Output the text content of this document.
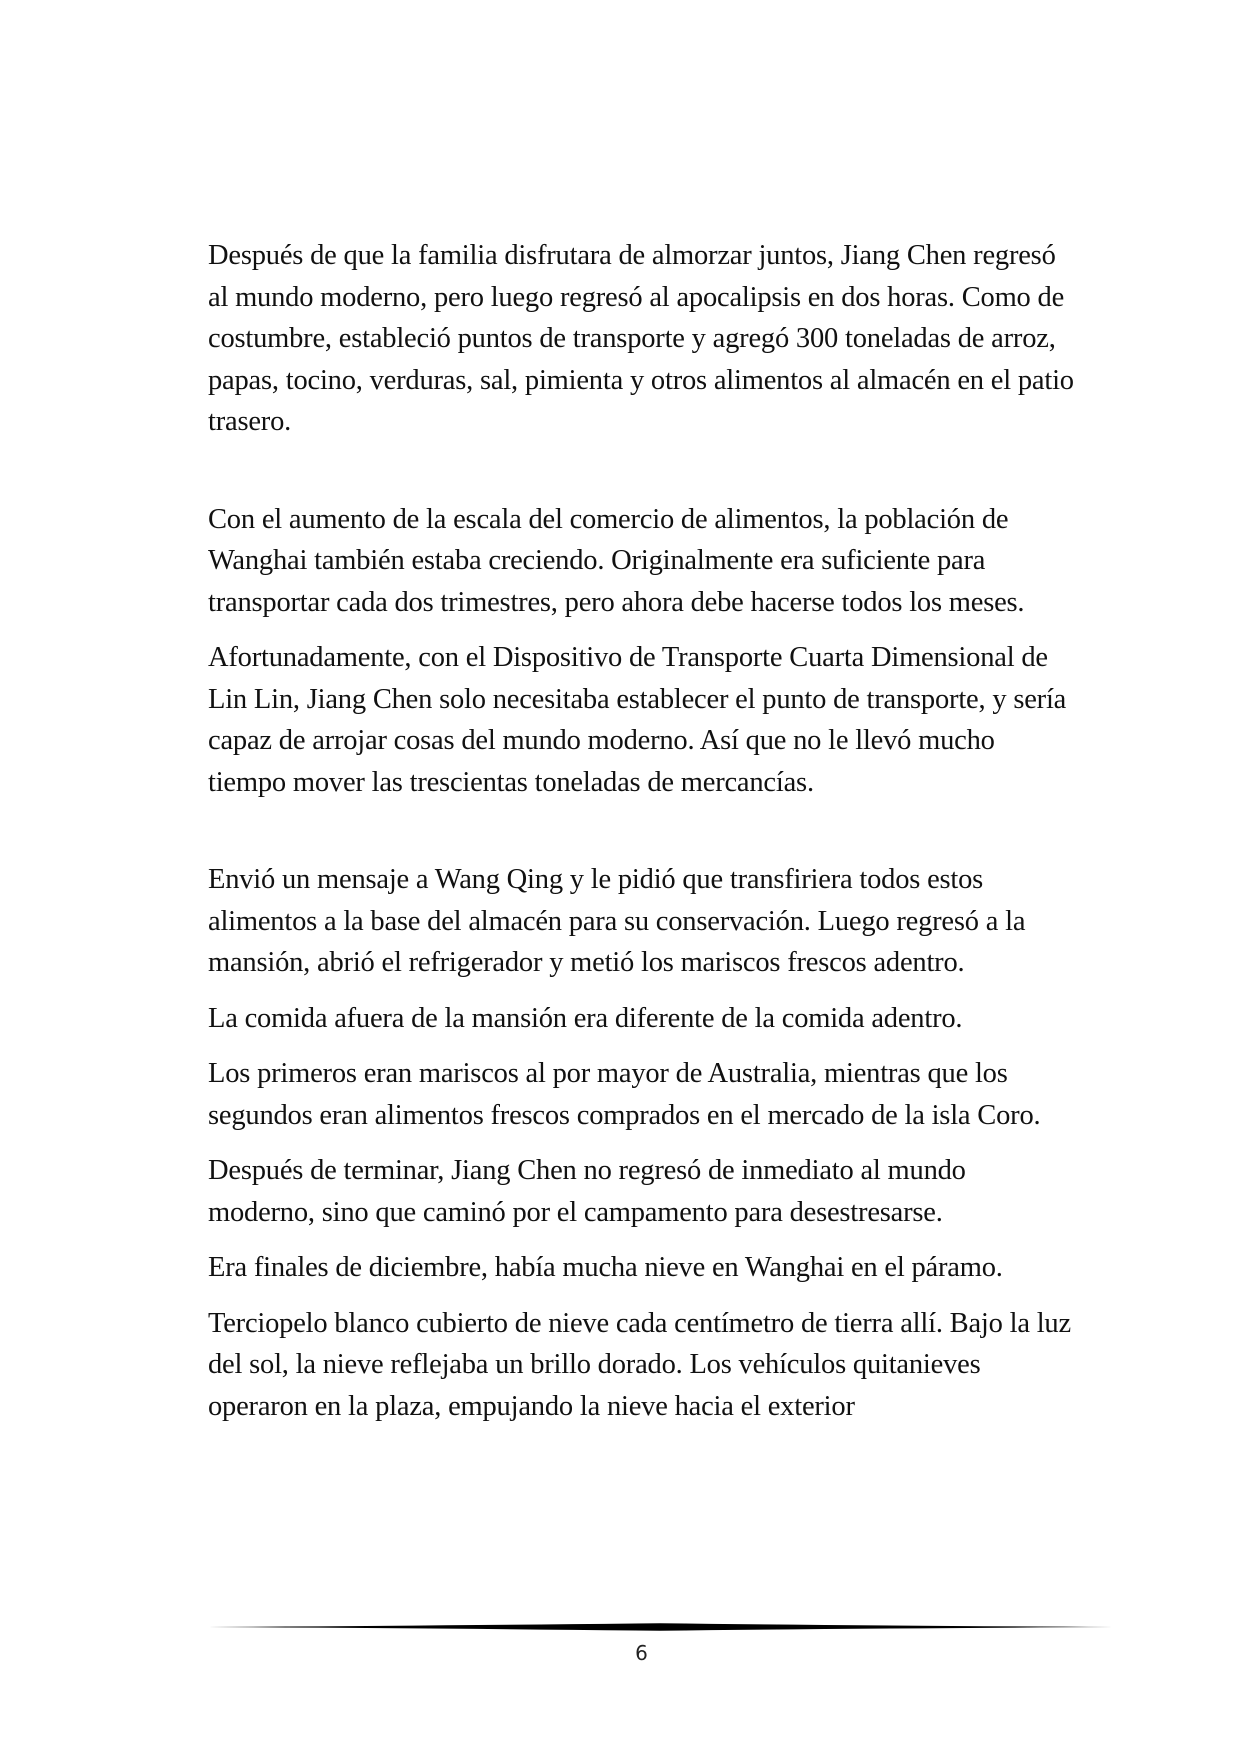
Después de que la familia disfrutara de almorzar juntos, Jiang Chen regresó al mundo moderno, pero luego regresó al apocalipsis en dos horas. Como de costumbre, estableció puntos de transporte y agregó 300 toneladas de arroz, papas, tocino, verduras, sal, pimienta y otros alimentos al almacén en el patio trasero.

Con el aumento de la escala del comercio de alimentos, la población de Wanghai también estaba creciendo. Originalmente era suficiente para transportar cada dos trimestres, pero ahora debe hacerse todos los meses.

Afortunadamente, con el Dispositivo de Transporte Cuarta Dimensional de Lin Lin, Jiang Chen solo necesitaba establecer el punto de transporte, y sería capaz de arrojar cosas del mundo moderno. Así que no le llevó mucho tiempo mover las trescientas toneladas de mercancías.

Envió un mensaje a Wang Qing y le pidió que transfiriera todos estos alimentos a la base del almacén para su conservación. Luego regresó a la mansión, abrió el refrigerador y metió los mariscos frescos adentro.

La comida afuera de la mansión era diferente de la comida adentro.

Los primeros eran mariscos al por mayor de Australia, mientras que los segundos eran alimentos frescos comprados en el mercado de la isla Coro.

Después de terminar, Jiang Chen no regresó de inmediato al mundo moderno, sino que caminó por el campamento para desestresarse.

Era finales de diciembre, había mucha nieve en Wanghai en el páramo.

Terciopelo blanco cubierto de nieve cada centímetro de tierra allí. Bajo la luz del sol, la nieve reflejaba un brillo dorado. Los vehículos quitanieves operaron en la plaza, empujando la nieve hacia el exterior

6
